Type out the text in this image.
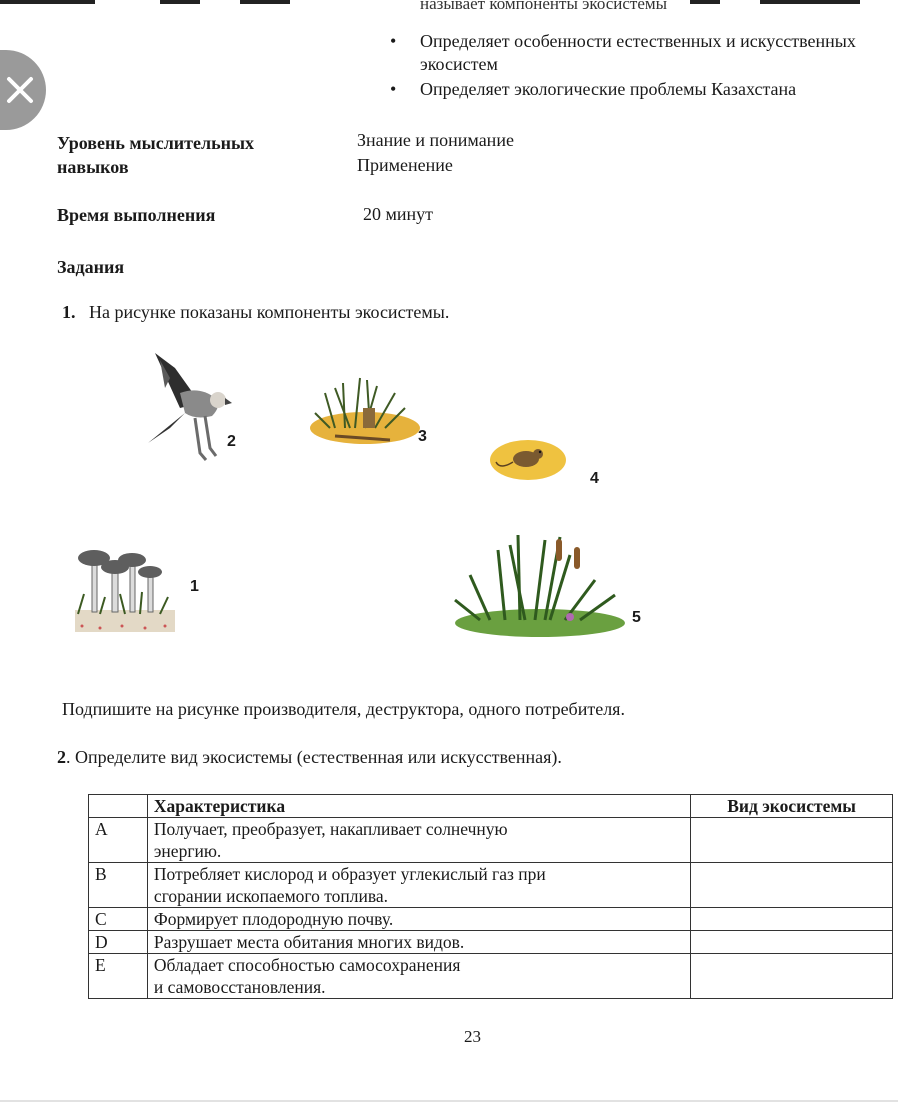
называет компоненты экосистемы
• Определяет особенности естественных и искусственных экосистем
• Определяет экологические проблемы Казахстана
Уровень мыслительных
навыков
Знание и понимание
Применение
Время выполнения	20 минут
Задания
1. На рисунке показаны компоненты экосистемы.
2	3
4
1
5
Подпишите на рисунке производителя, деструктора, одного потребителя.
2. Определите вид экосистемы (естественная или искусственная).
	Характеристика	Вид экосистемы
A	Получает, преобразует, накапливает солнечную
энергию.	

B	Потребляет кислород и образует углекислый газ при
сгорании ископаемого топлива.	

C	Формирует плодородную почву.	
D	Разрушает места обитания многих видов.	
E	Обладает способностью самосохранения
и самовосстановления.	

23
